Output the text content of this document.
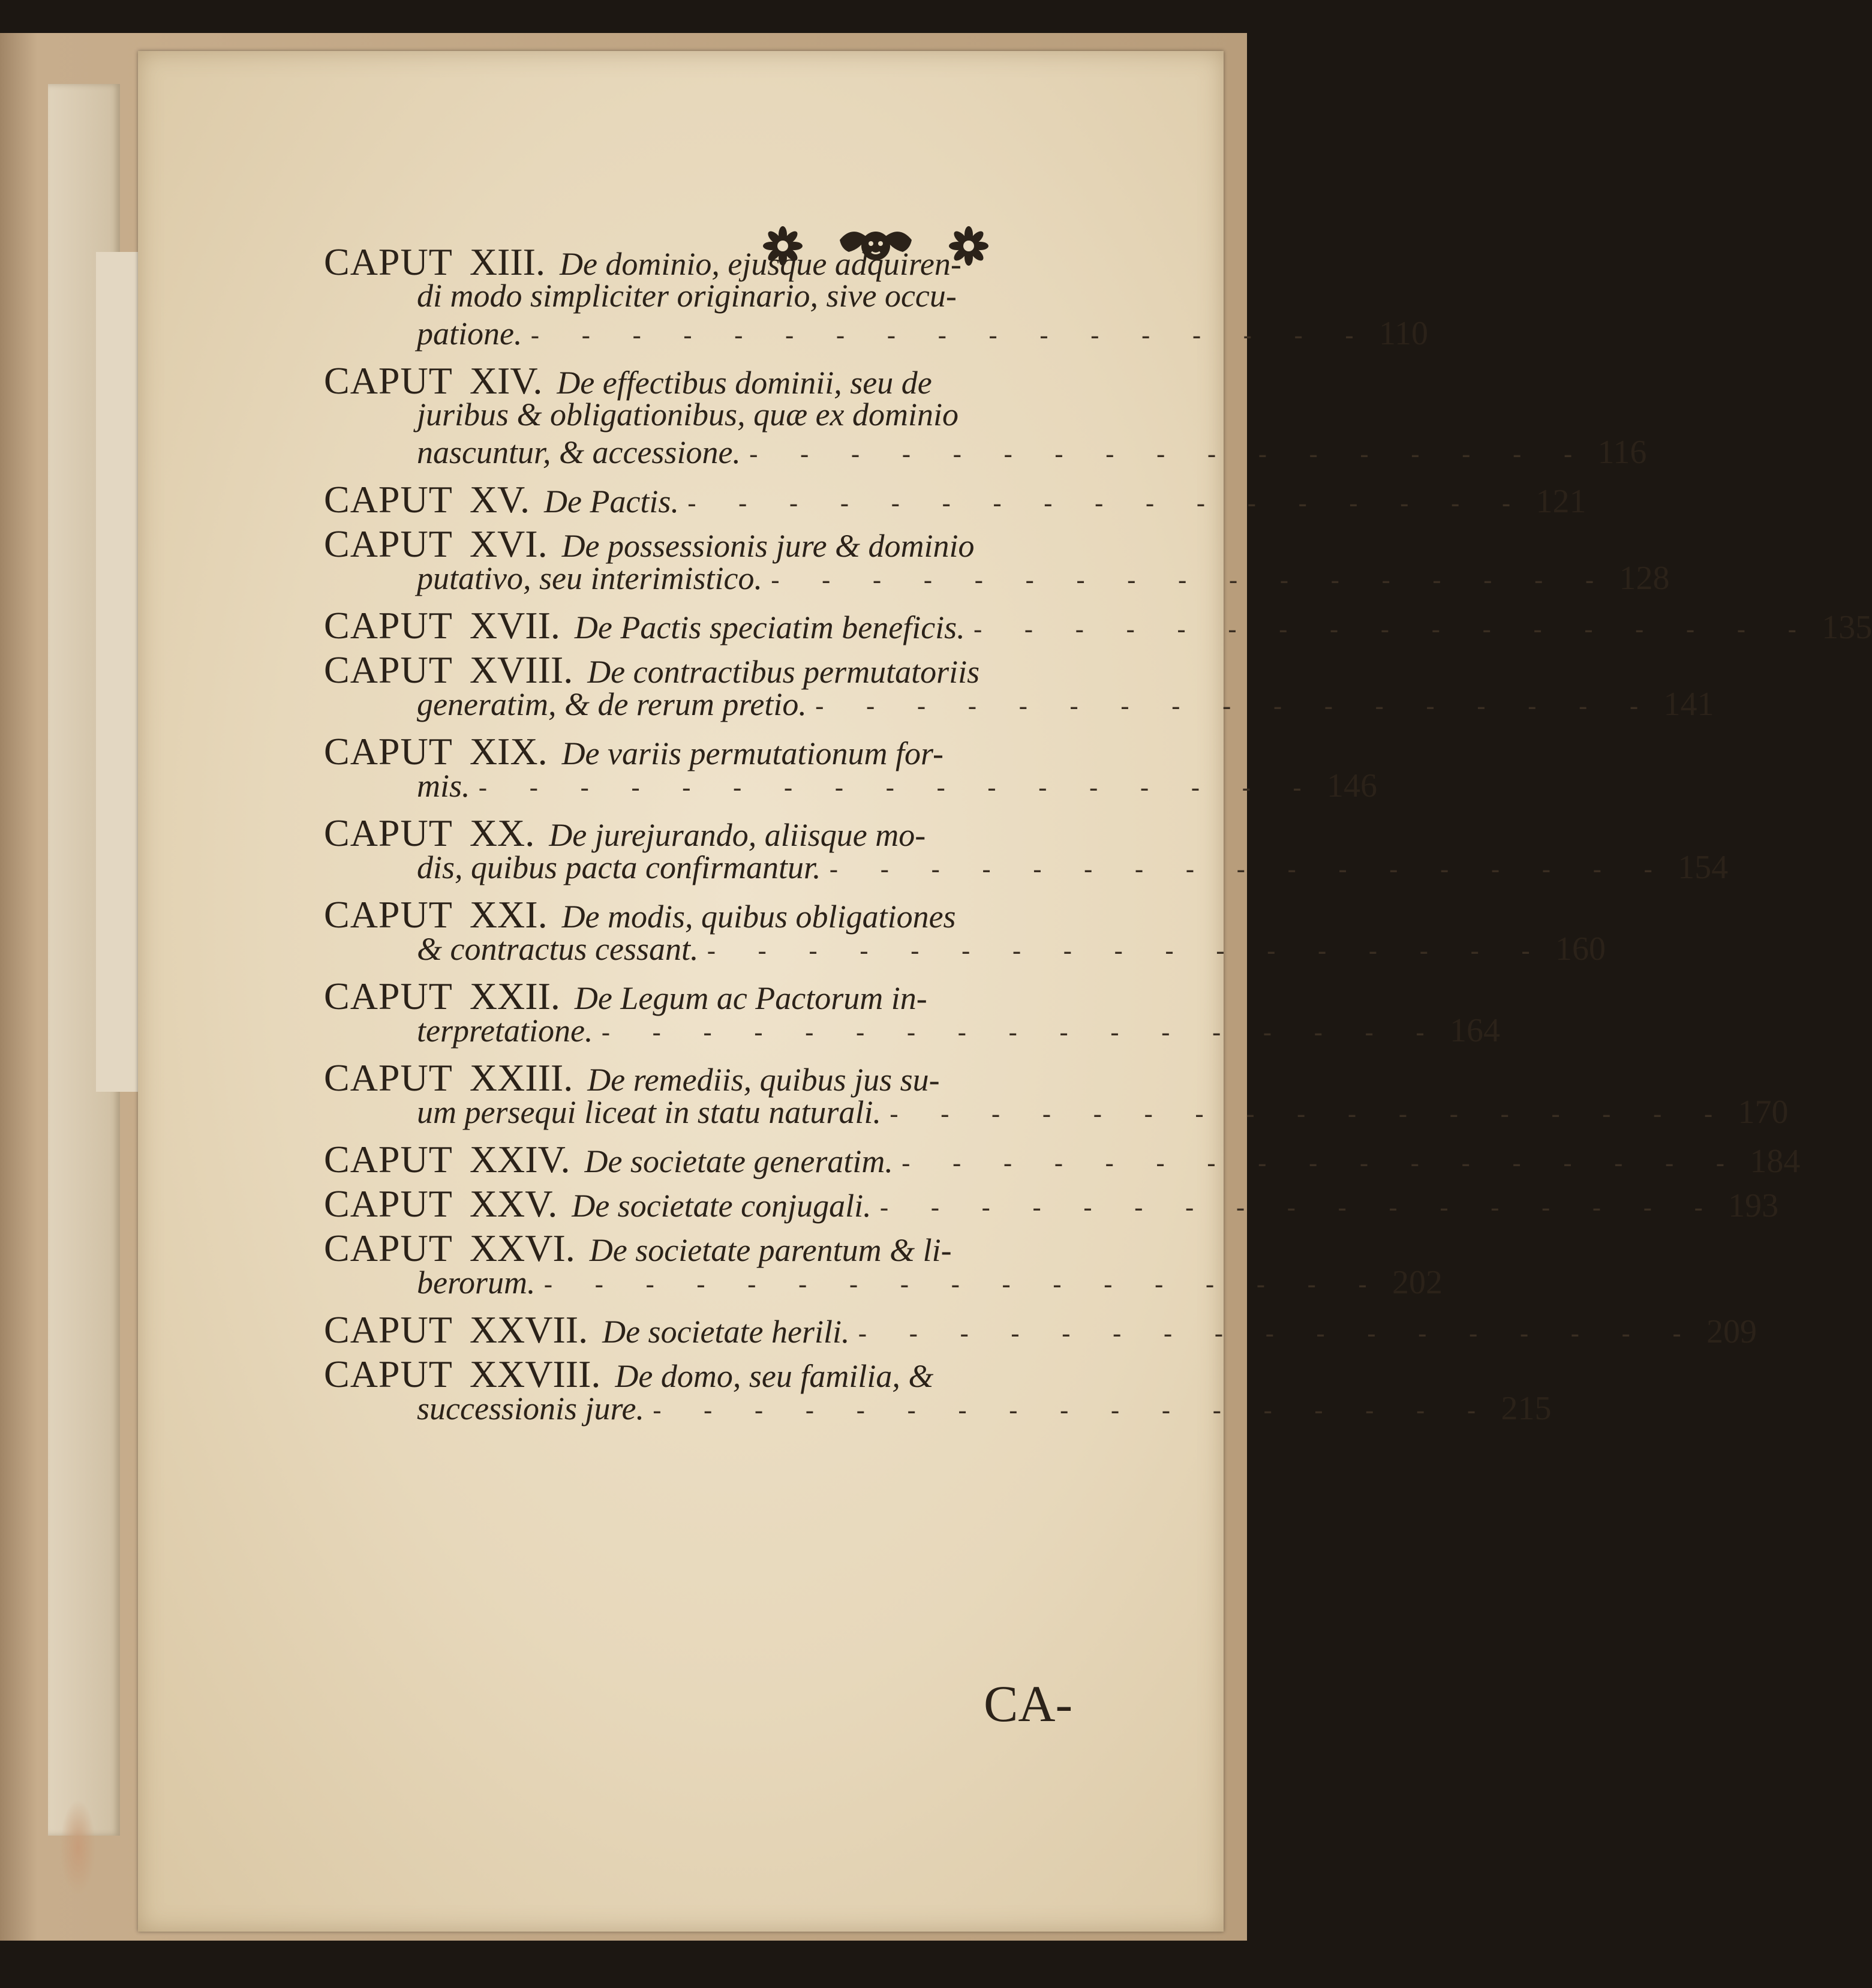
CAPUT XIII. De dominio, ejusque adquiren-
di modo simpliciter originario, sive occu-
patione. - - - - - - - - - - - - - - - - - 110
CAPUT XIV. De effectibus dominii, seu de
juribus & obligationibus, quæ ex dominio
nascuntur, & accessione. - - - - - - - - - - - - - - - - - 116
CAPUT XV. De Pactis. - - - - - - - - - - - - - - - - - 121
CAPUT XVI. De possessionis jure & dominio
putativo, seu interimistico. - - - - - - - - - - - - - - - - - 128
CAPUT XVII. De Pactis speciatim beneficis. - - - - - - - - - - - - - - - - - 135
CAPUT XVIII. De contractibus permutatoriis
generatim, & de rerum pretio. - - - - - - - - - - - - - - - - - 141
CAPUT XIX. De variis permutationum for-
mis. - - - - - - - - - - - - - - - - - 146
CAPUT XX. De jurejurando, aliisque mo-
dis, quibus pacta confirmantur. - - - - - - - - - - - - - - - - - 154
CAPUT XXI. De modis, quibus obligationes
& contractus cessant. - - - - - - - - - - - - - - - - - 160
CAPUT XXII. De Legum ac Pactorum in-
terpretatione. - - - - - - - - - - - - - - - - - 164
CAPUT XXIII. De remediis, quibus jus su-
um persequi liceat in statu naturali. - - - - - - - - - - - - - - - - - 170
CAPUT XXIV. De societate generatim. - - - - - - - - - - - - - - - - - 184
CAPUT XXV. De societate conjugali. - - - - - - - - - - - - - - - - - 193
CAPUT XXVI. De societate parentum & li-
berorum. - - - - - - - - - - - - - - - - - 202
CAPUT XXVII. De societate herili. - - - - - - - - - - - - - - - - - 209
CAPUT XXVIII. De domo, seu familia, &
successionis jure. - - - - - - - - - - - - - - - - - 215
CA-
